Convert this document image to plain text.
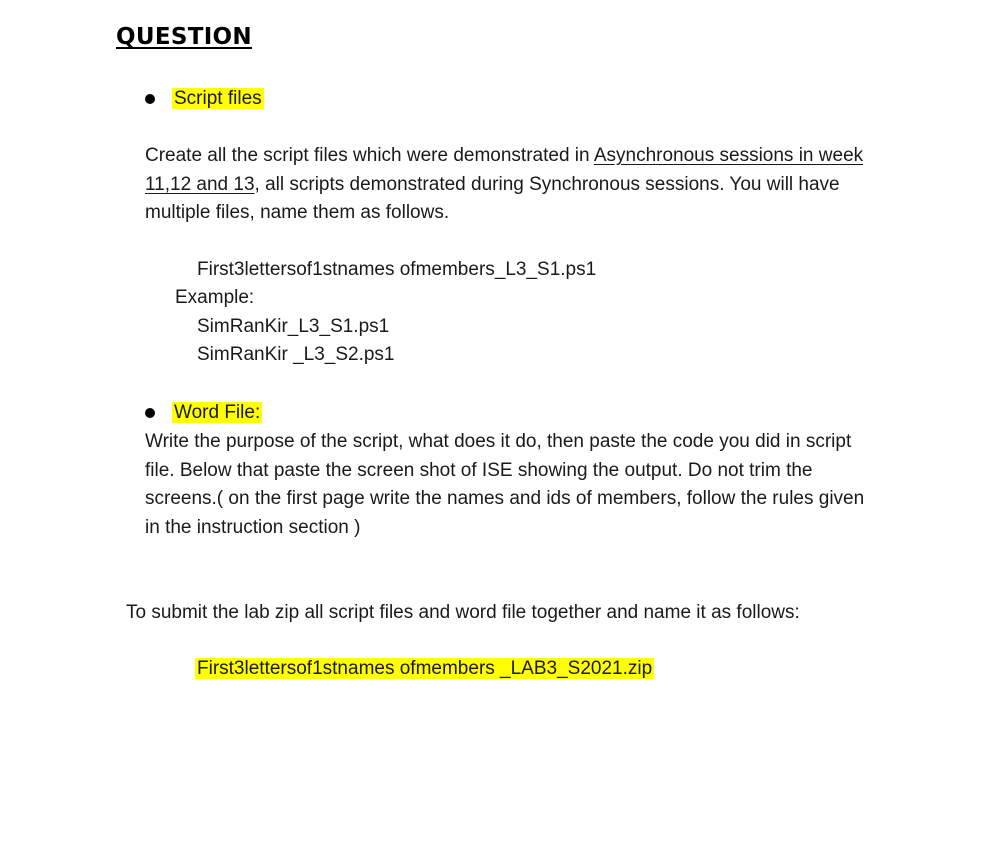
QUESTION
Script files
Create all the script files which were demonstrated in Asynchronous sessions in week 11,12 and 13, all scripts demonstrated during Synchronous sessions. You will have multiple files, name them as follows.
First3lettersof1stnames ofmembers_L3_S1.ps1
Example:
SimRanKir_L3_S1.ps1
SimRanKir _L3_S2.ps1
Word File:
Write the purpose of the script, what does it do, then paste the code you did in script file. Below that paste the screen shot of ISE showing the output. Do not trim the screens.( on the first page write the names and ids of members, follow the rules given in the instruction section )
To submit the lab zip all script files and word file together and name it as follows:
First3lettersof1stnames ofmembers _LAB3_S2021.zip
